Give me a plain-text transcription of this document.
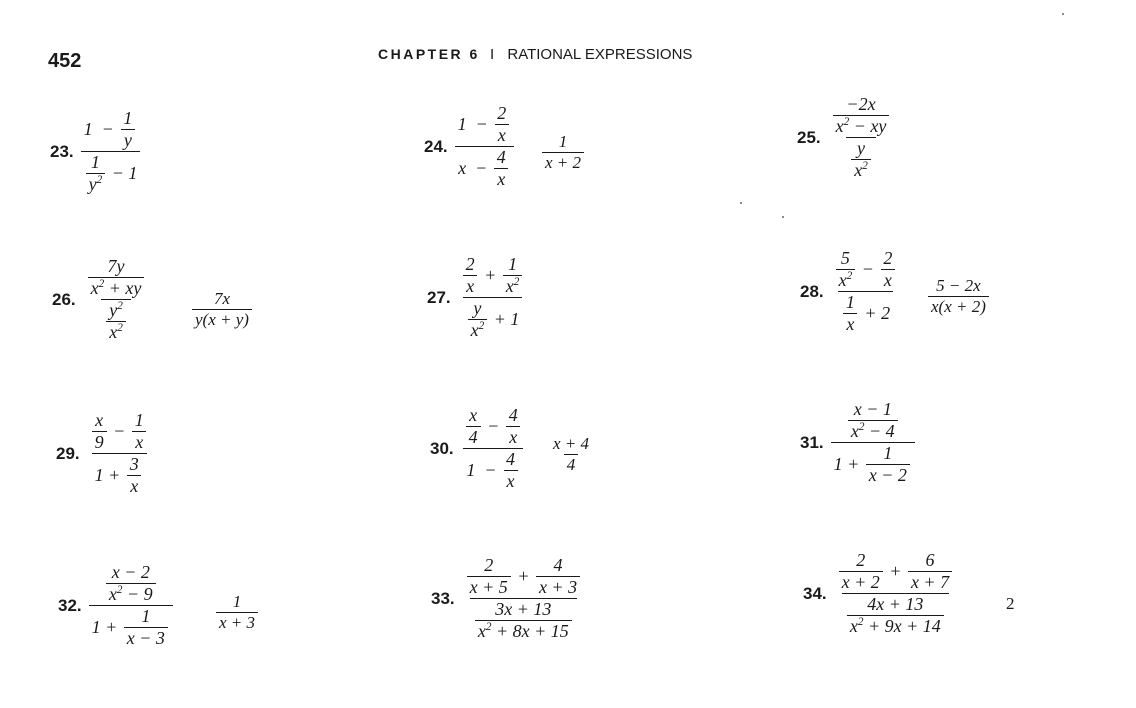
452	CHAPTER 6 I RATIONAL EXPRESSIONS
23. $\frac{1 - \frac{1}{y}}{\frac{1}{y^2} - 1}$	24. $\frac{1 - \frac{2}{x}}{x - \frac{4}{x}} \frac{1}{x + 2}$	25. $\frac{\frac{-2x}{x^2 - xy}}{\frac{y}{x^2}}$
26. $\frac{\frac{7y}{x^2 + xy}}{\frac{y^2}{x^2}}$	$\frac{7x}{y(x + y)}$	27. $\frac{\frac{2}{x} + \frac{1}{x^2}}{\frac{y}{x^2} + 1}$	28. $\frac{\frac{5}{x^2} - \frac{2}{x}}{\frac{1}{x} + 2} \frac{5 - 2x}{x(x + 2)}$
29. $\frac{\frac{x}{9} - \frac{1}{x}}{1 + \frac{3}{x}}$	30. $\frac{\frac{x}{4} - \frac{4}{x}}{1 - \frac{4}{x}} \frac{x + 4}{4}$	31. $\frac{\frac{x - 1}{x^2 - 4}}{1 + \frac{1}{x - 2}}$
32. $\frac{\frac{x - 2}{x^2 - 9}}{1 + \frac{1}{x - 3}}$	$\frac{1}{x + 3}$	33. $\frac{\frac{2}{x + 5} + \frac{4}{x + 3}}{\frac{3x + 13}{x^2 + 8x + 15}}$	34. $\frac{\frac{2}{x + 2} + \frac{6}{x + 7}}{\frac{4x + 13}{x^2 + 9x + 14}}$	2
